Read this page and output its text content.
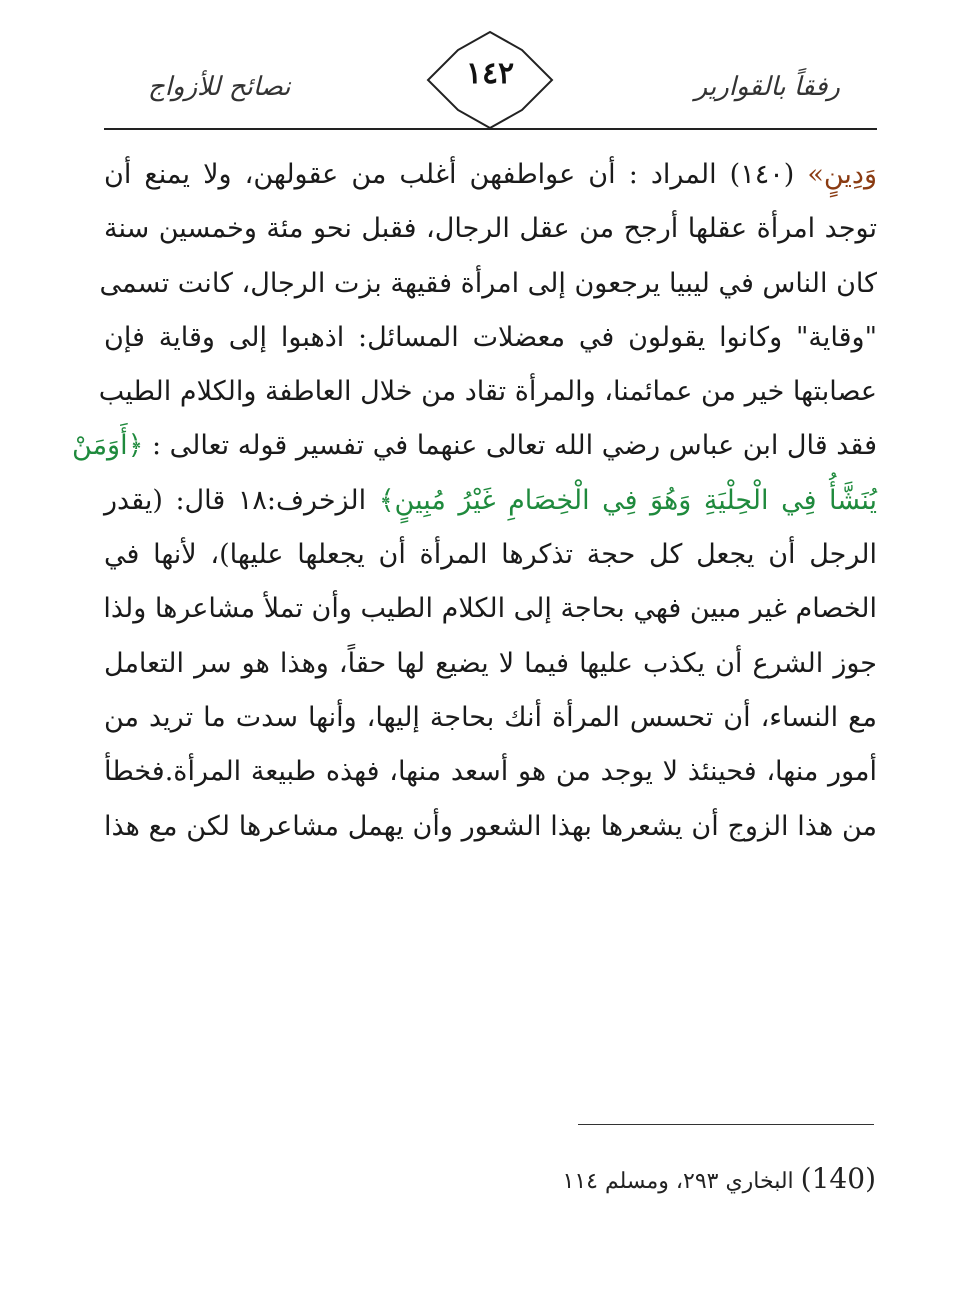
رفقاً بالقوارير
١٤٢
نصائح للأزواج
وَدِينٍ» (١٤٠) المراد : أن عواطفهن أغلب من عقولهن، ولا يمنع أن
توجد امرأة عقلها أرجح من عقل الرجال، فقبل نحو مئة وخمسين سنة
كان الناس في ليبيا يرجعون إلى امرأة فقيهة بزت الرجال، كانت تسمى
"وقاية" وكانوا يقولون في معضلات المسائل: اذهبوا إلى وقاية فإن
عصابتها خير من عمائمنا، والمرأة تقاد من خلال العاطفة والكلام الطيب
فقد قال ابن عباس رضي الله تعالى عنهما في تفسير قوله تعالى : ﴿أَوَمَنْ
يُنَشَّأُ فِي الْحِلْيَةِ وَهُوَ فِي الْخِصَامِ غَيْرُ مُبِينٍ﴾ الزخرف:١٨ قال: (يقدر
الرجل أن يجعل كل حجة تذكرها المرأة أن يجعلها عليها)، لأنها في
الخصام غير مبين فهي بحاجة إلى الكلام الطيب وأن تملأ مشاعرها ولذا
جوز الشرع أن يكذب عليها فيما لا يضيع لها حقاً، وهذا هو سر التعامل
مع النساء، أن تحسس المرأة أنك بحاجة إليها، وأنها سدت ما تريد من
أمور منها، فحينئذ لا يوجد من هو أسعد منها، فهذه طبيعة المرأة.فخطأ
من هذا الزوج أن يشعرها بهذا الشعور وأن يهمل مشاعرها لكن مع هذا
(140) البخاري ٢٩٣، ومسلم ١١٤
